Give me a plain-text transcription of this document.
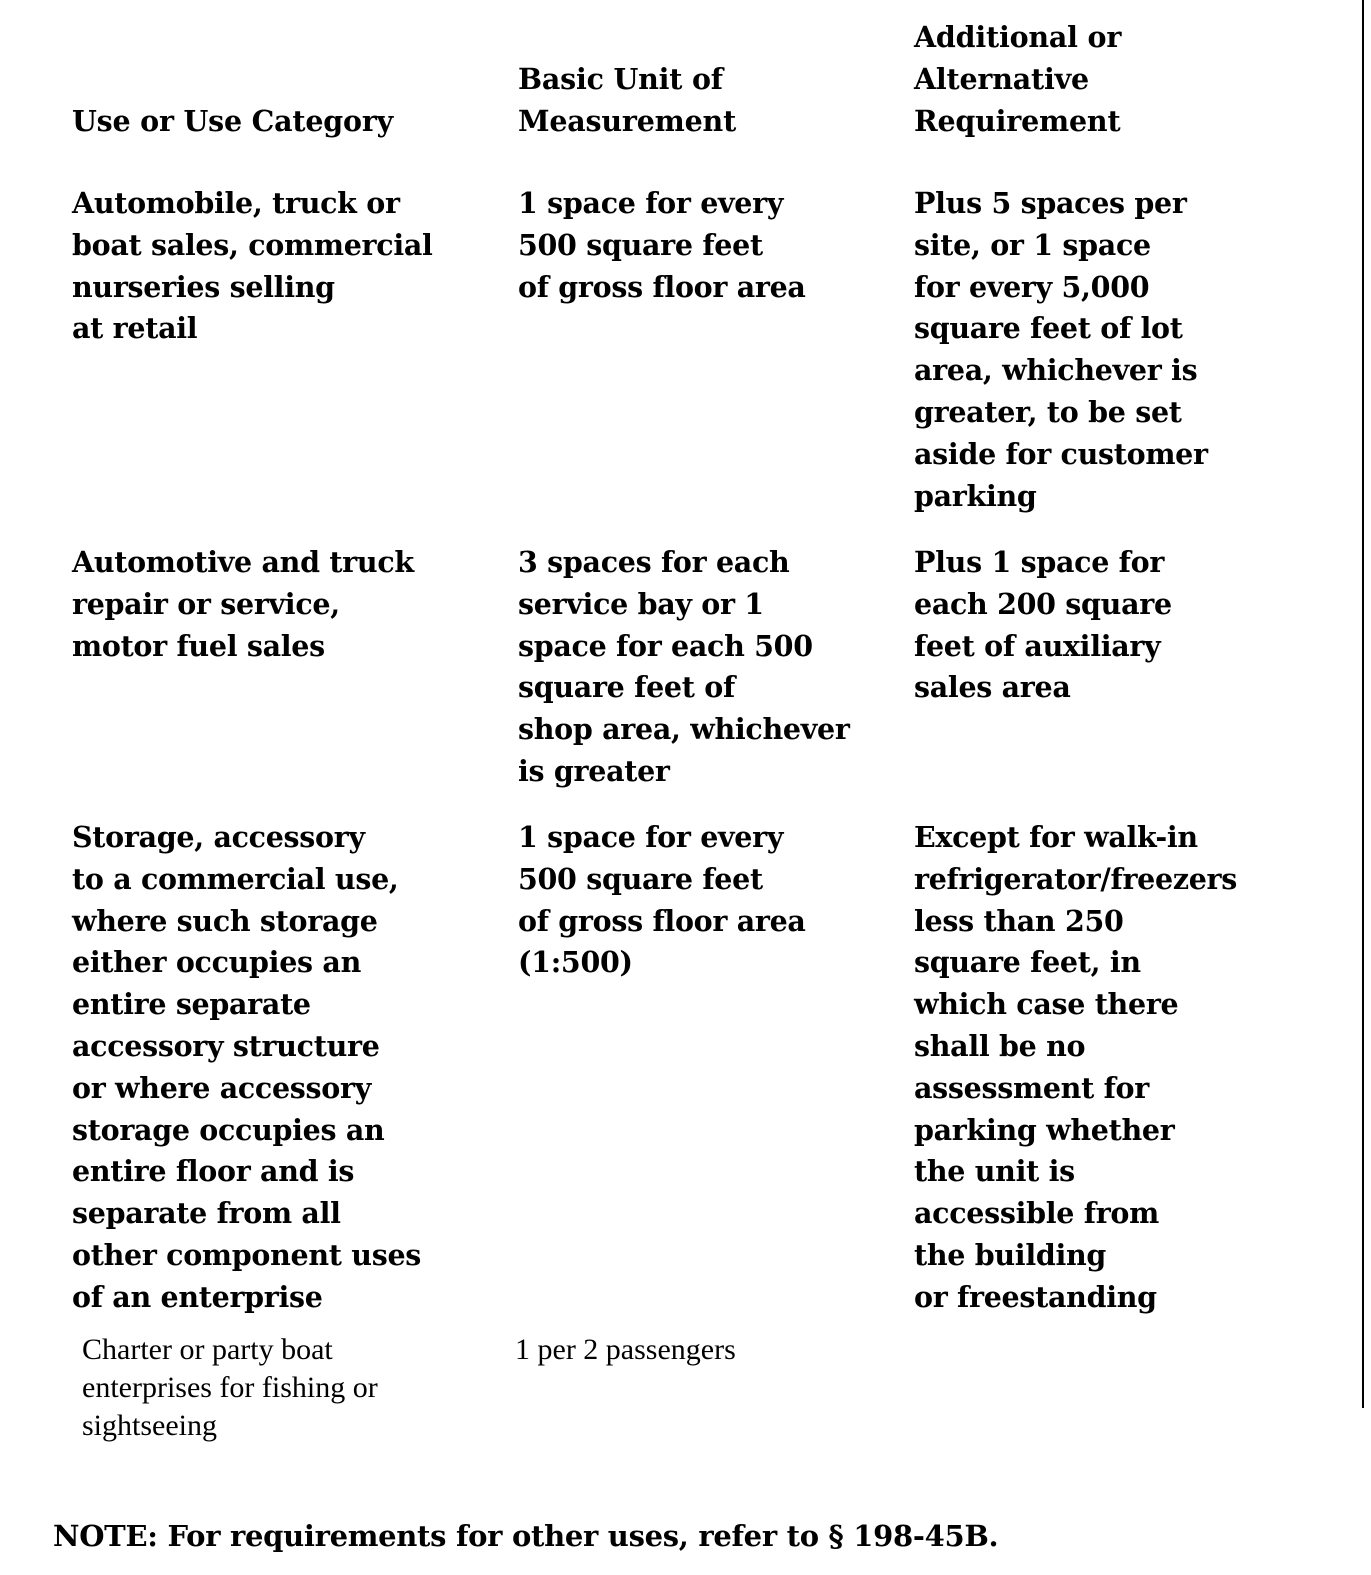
Use or Use Category
Basic Unit of
Measurement
Additional or
Alternative
Requirement
Automobile, truck or
boat sales, commercial
nurseries selling
at retail
1 space for every
500 square feet
of gross floor area
Plus 5 spaces per
site, or 1 space
for every 5,000
square feet of lot
area, whichever is
greater, to be set
aside for customer
parking
Automotive and truck
repair or service,
motor fuel sales
3 spaces for each
service bay or 1
space for each 500
square feet of
shop area, whichever
is greater
Plus 1 space for
each 200 square
feet of auxiliary
sales area
Storage, accessory
to a commercial use,
where such storage
either occupies an
entire separate
accessory structure
or where accessory
storage occupies an
entire floor and is
separate from all
other component uses
of an enterprise
1 space for every
500 square feet
of gross floor area
(1:500)
Except for walk-in
refrigerator/freezers
less than 250
square feet, in
which case there
shall be no
assessment for
parking whether
the unit is
accessible from
the building
or freestanding
Charter or party boat
enterprises for fishing or
sightseeing
1 per 2 passengers
NOTE: For requirements for other uses, refer to § 198-45B.
